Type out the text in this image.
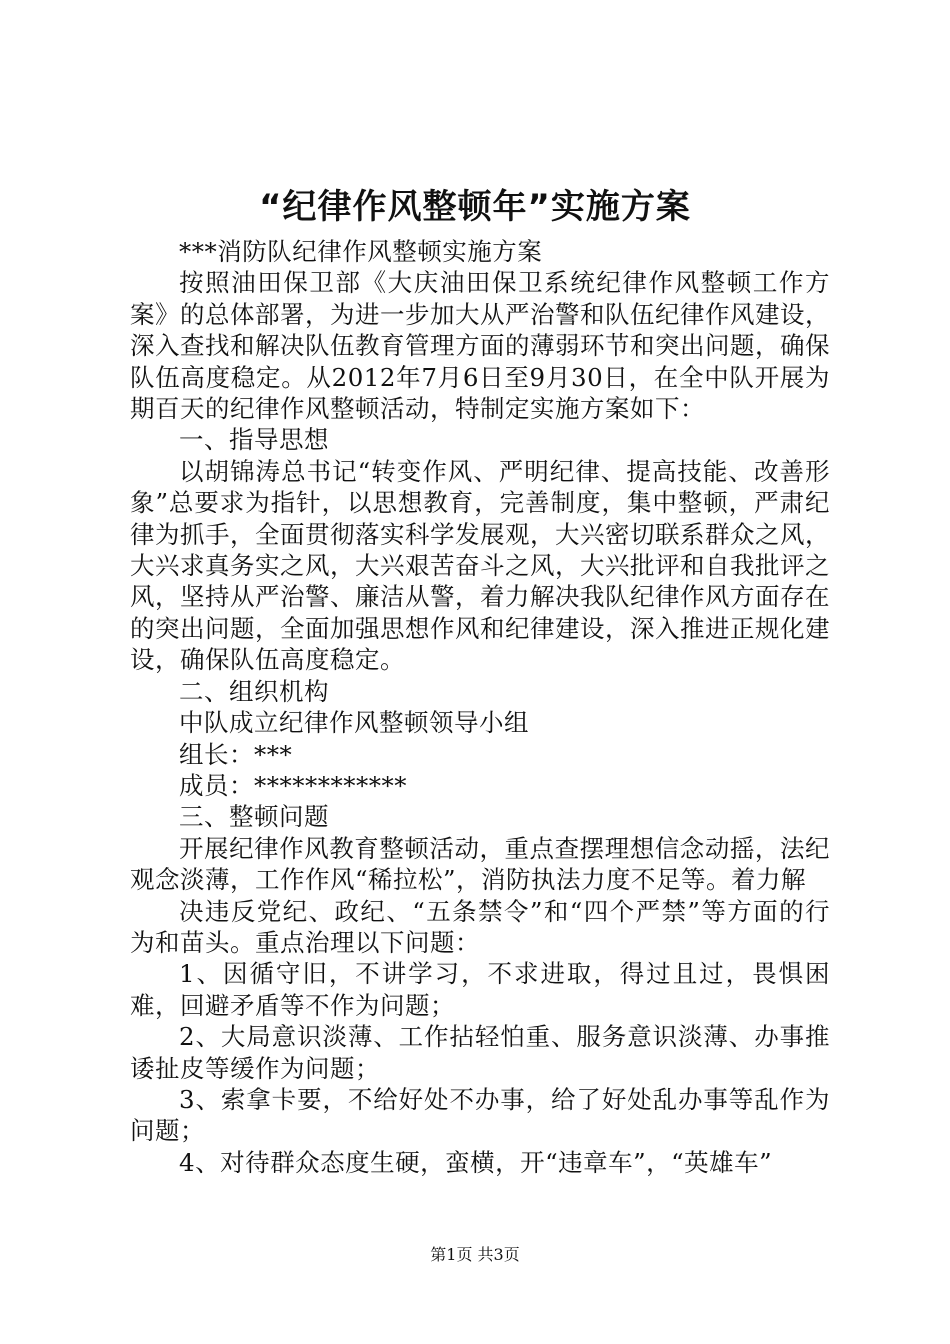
“纪律作风整顿年”实施方案

***消防队纪律作风整顿实施方案

按照油田保卫部《大庆油田保卫系统纪律作风整顿工作方案》的总体部署，为进一步加大从严治警和队伍纪律作风建设，深入查找和解决队伍教育管理方面的薄弱环节和突出问题，确保队伍高度稳定。从2012年7月6日至9月30日，在全中队开展为期百天的纪律作风整顿活动，特制定实施方案如下：

一、指导思想

以胡锦涛总书记“转变作风、严明纪律、提高技能、改善形象”总要求为指针，以思想教育，完善制度，集中整顿，严肃纪律为抓手，全面贯彻落实科学发展观，大兴密切联系群众之风，大兴求真务实之风，大兴艰苦奋斗之风，大兴批评和自我批评之风，坚持从严治警、廉洁从警，着力解决我队纪律作风方面存在的突出问题，全面加强思想作风和纪律建设，深入推进正规化建设，确保队伍高度稳定。

二、组织机构

中队成立纪律作风整顿领导小组

组长：***

成员：************

三、整顿问题

开展纪律作风教育整顿活动，重点查摆理想信念动摇，法纪观念淡薄，工作作风“稀拉松”，消防执法力度不足等。着力解

决违反党纪、政纪、“五条禁令”和“四个严禁”等方面的行为和苗头。重点治理以下问题：

1、因循守旧，不讲学习，不求进取，得过且过，畏惧困难，回避矛盾等不作为问题；

2、大局意识淡薄、工作拈轻怕重、服务意识淡薄、办事推诿扯皮等缓作为问题；

3、索拿卡要，不给好处不办事，给了好处乱办事等乱作为问题；

4、对待群众态度生硬，蛮横，开“违章车”，“英雄车”

第1页 共3页
